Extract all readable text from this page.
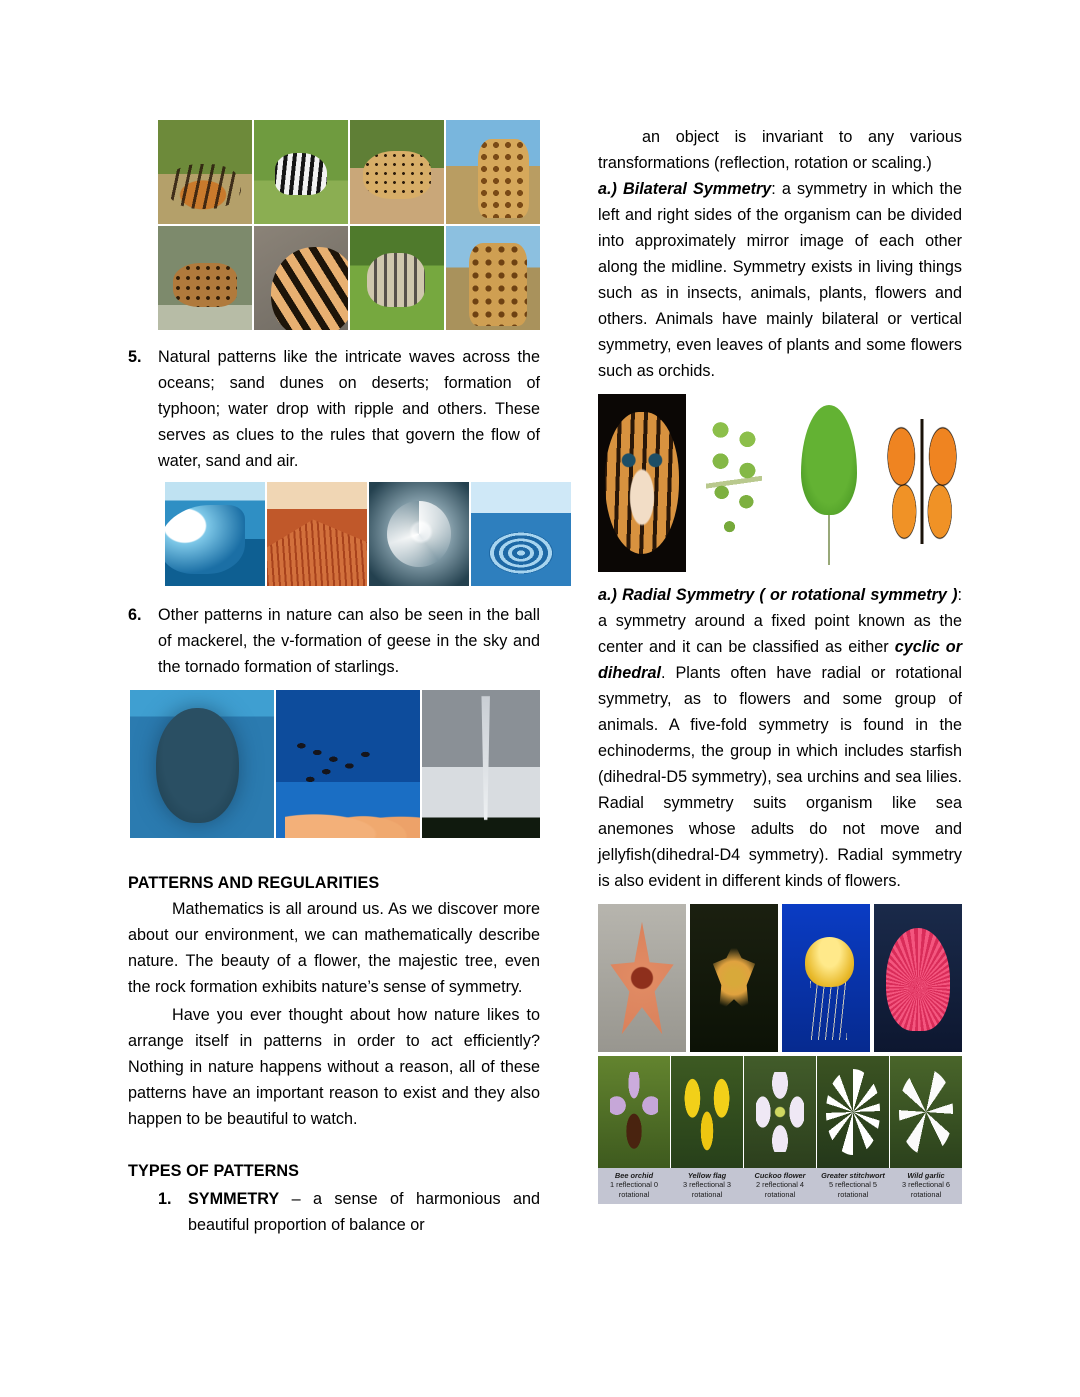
5.	Natural patterns like the intricate waves across the oceans; sand dunes on deserts; formation of typhoon; water drop with ripple and others. These serves as clues to the rules that govern the flow of water, sand and air.
6.	Other patterns in nature can also be seen in the ball of mackerel, the v-formation of geese in the sky and the tornado formation of starlings.
PATTERNS AND REGULARITIES

Mathematics is all around us. As we discover more about our environment, we can mathematically describe nature. The beauty of a flower, the majestic tree, even the rock formation exhibits nature’s sense of symmetry.

Have you ever thought about how nature likes to arrange itself in patterns in order to act efficiently? Nothing in nature happens without a reason, all of these patterns have an important reason to exist and they also happen to be beautiful to watch.

TYPES OF PATTERNS
1.	SYMMETRY – a sense of harmonious and beautiful proportion of balance or

an object is invariant to any various transformations (reflection, rotation or scaling.)

a.) Bilateral Symmetry: a symmetry in which the left and right sides of the organism can be divided into approximately mirror image of each other along the midline. Symmetry exists in living things such as in insects, animals, plants, flowers and others. Animals have mainly bilateral or vertical symmetry, even leaves of plants and some flowers such as orchids.

a.) Radial Symmetry ( or rotational symmetry ): a symmetry around a fixed point known as the center and it can be classified as either cyclic or dihedral. Plants often have radial or rotational symmetry, as to flowers and some group of animals. A five-fold symmetry is found in the echinoderms, the group in which includes starfish (dihedral-D5 symmetry), sea urchins and sea lilies. Radial symmetry suits organism like sea anemones whose adults do not move and jellyfish(dihedral-D4 symmetry). Radial symmetry is also evident in different kinds of flowers.

Bee orchid
1 reflectional 0 rotational
Yellow flag
3 reflectional 3 rotational
Cuckoo flower
2 reflectional 4 rotational
Greater stitchwort
5 reflectional 5 rotational
Wild garlic
3 reflectional 6 rotational
